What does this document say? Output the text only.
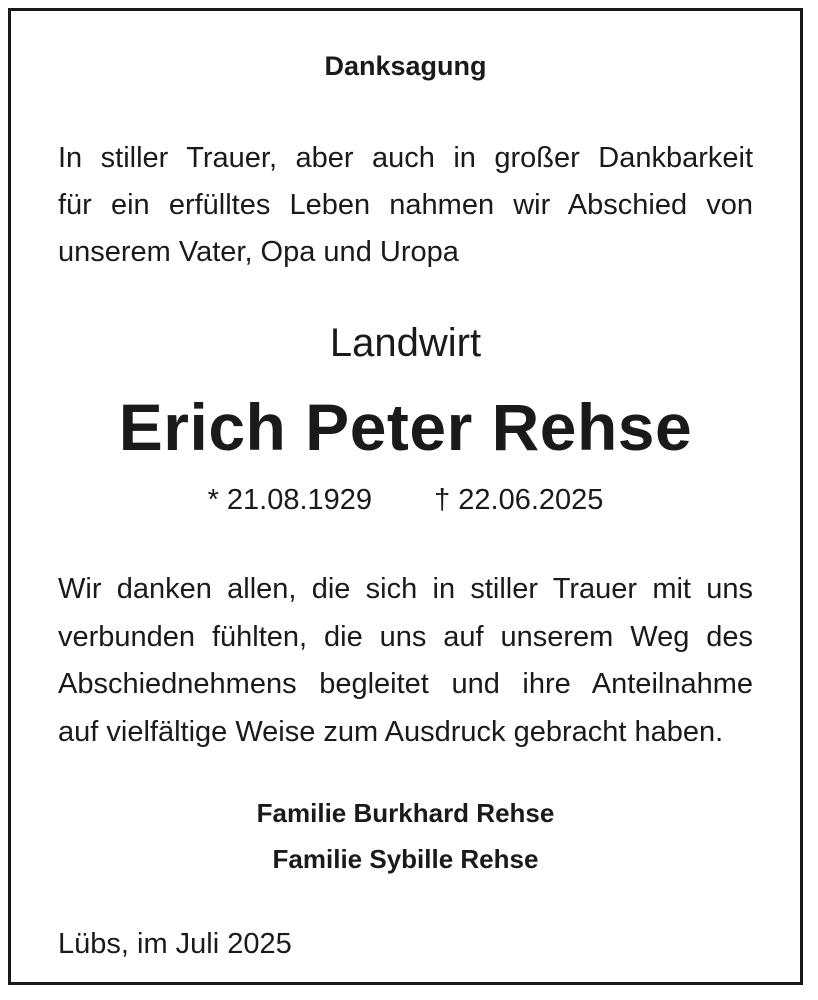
Danksagung
In stiller Trauer, aber auch in großer Dankbarkeit
für ein erfülltes Leben nahmen wir Abschied von
unserem Vater, Opa und Uropa
Landwirt
Erich Peter Rehse
* 21.08.1929 † 22.06.2025
Wir danken allen, die sich in stiller Trauer mit uns
verbunden fühlten, die uns auf unserem Weg des
Abschiednehmens begleitet und ihre Anteilnahme
auf vielfältige Weise zum Ausdruck gebracht haben.
Familie Burkhard Rehse
Familie Sybille Rehse
Lübs, im Juli 2025
